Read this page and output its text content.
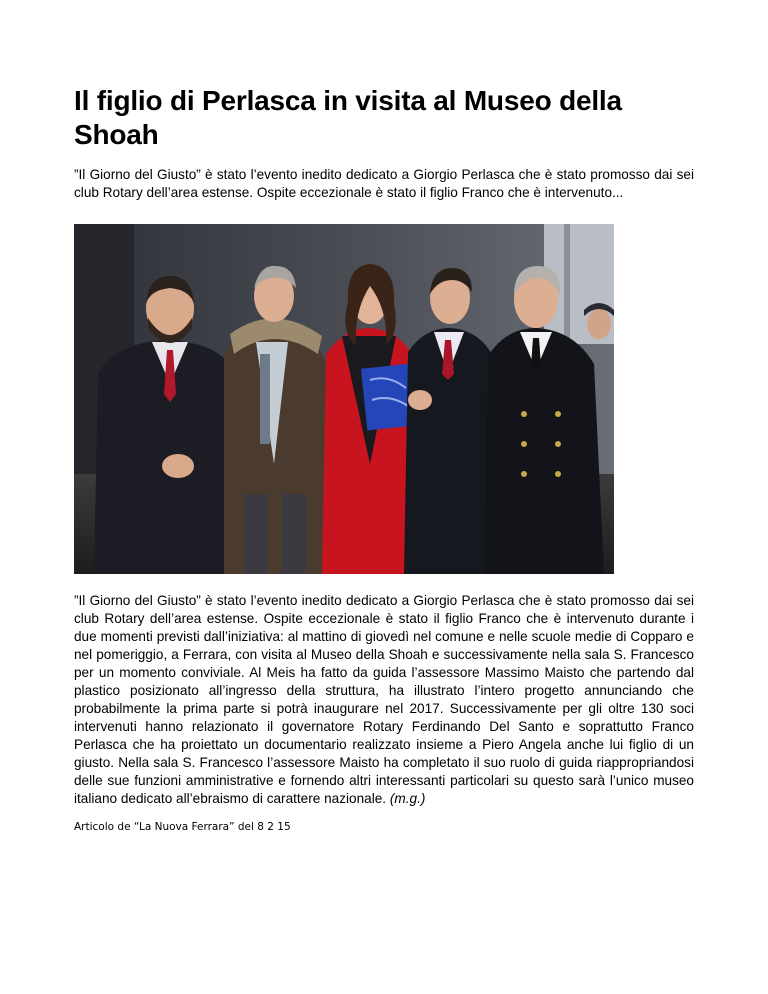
Il figlio di Perlasca in visita al Museo della Shoah

”Il Giorno del Giusto” è stato l’evento inedito dedicato a Giorgio Perlasca che è stato promosso dai sei club Rotary dell’area estense. Ospite eccezionale è stato il figlio Franco che è intervenuto...

”Il Giorno del Giusto” è stato l’evento inedito dedicato a Giorgio Perlasca che è stato promosso dai sei club Rotary dell’area estense. Ospite eccezionale è stato il figlio Franco che è intervenuto durante i due momenti previsti dall’iniziativa: al mattino di giovedì nel comune e nelle scuole medie di Copparo e nel pomeriggio, a Ferrara, con visita al Museo della Shoah e successivamente nella sala S. Francesco per un momento conviviale. Al Meis ha fatto da guida l’assessore Massimo Maisto che partendo dal plastico posizionato all’ingresso della struttura, ha illustrato l’intero progetto annunciando che probabilmente la prima parte si potrà inaugurare nel 2017. Successivamente per gli oltre 130 soci intervenuti hanno relazionato il governatore Rotary Ferdinando Del Santo e soprattutto Franco Perlasca che ha proiettato un documentario realizzato insieme a Piero Angela anche lui figlio di un giusto. Nella sala S. Francesco l’assessore Maisto ha completato il suo ruolo di guida riappropriandosi delle sue funzioni amministrative e fornendo altri interessanti particolari su questo sarà l’unico museo italiano dedicato all’ebraismo di carattere nazionale. (m.g.)

Articolo de “La Nuova Ferrara” del 8 2 15
